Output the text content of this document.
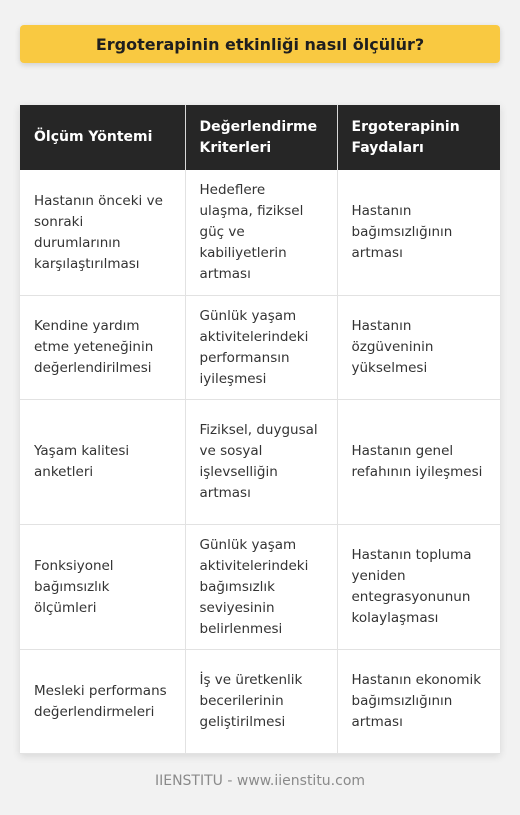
Ergoterapinin etkinliği nasıl ölçülür?
Ölçüm Yöntemi	Değerlendirme Kriterleri	Ergoterapinin Faydaları
Hastanın önceki ve sonraki durumlarının karşılaştırılması	Hedeflere ulaşma, fiziksel güç ve kabiliyetlerin artması	Hastanın bağımsızlığının artması
Kendine yardım etme yeteneğinin değerlendirilmesi	Günlük yaşam aktivitelerindeki performansın iyileşmesi	Hastanın özgüveninin yükselmesi
Yaşam kalitesi anketleri	Fiziksel, duygusal ve sosyal işlevselliğin artması	Hastanın genel refahının iyileşmesi
Fonksiyonel bağımsızlık ölçümleri	Günlük yaşam aktivitelerindeki bağımsızlık seviyesinin belirlenmesi	Hastanın topluma yeniden entegrasyonunun kolaylaşması
Mesleki performans değerlendirmeleri	İş ve üretkenlik becerilerinin geliştirilmesi	Hastanın ekonomik bağımsızlığının artması
IIENSTITU - www.iienstitu.com
